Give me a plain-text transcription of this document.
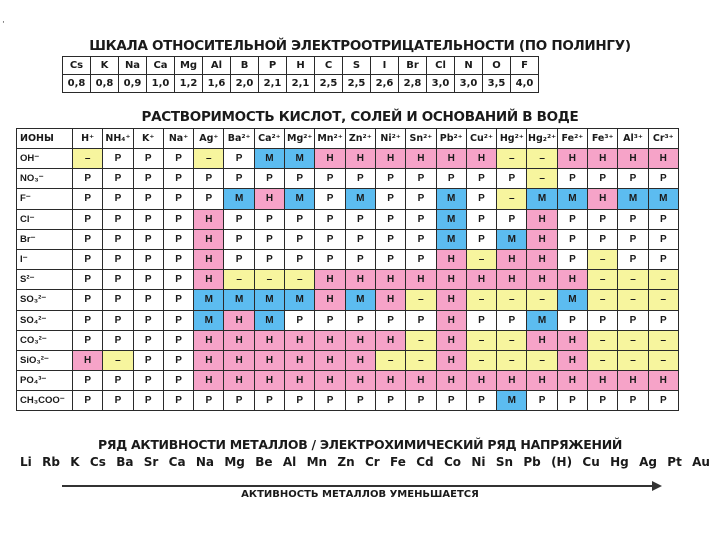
·
ШКАЛА ОТНОСИТЕЛЬНОЙ ЭЛЕКТРООТРИЦАТЕЛЬНОСТИ (ПО ПОЛИНГУ)
Cs	K	Na	Ca	Mg	Al	B	P	H	C	S	I	Br	Cl	N	O	F
0,8	0,8	0,9	1,0	1,2	1,6	2,0	2,1	2,1	2,5	2,5	2,6	2,8	3,0	3,0	3,5	4,0
РАСТВОРИМОСТЬ КИСЛОТ, СОЛЕЙ И ОСНОВАНИЙ В ВОДЕ
ИОНЫ	H⁺	NH₄⁺	K⁺	Na⁺	Ag⁺	Ba²⁺	Ca²⁺	Mg²⁺	Mn²⁺	Zn²⁺	Ni²⁺	Sn²⁺	Pb²⁺	Cu²⁺	Hg²⁺	Hg₂²⁺	Fe²⁺	Fe³⁺	Al³⁺	Cr³⁺
OH⁻	–	P	P	P	–	P	M	M	H	H	H	H	H	H	–	–	H	H	H	H
NO₃⁻	P	P	P	P	P	P	P	P	P	P	P	P	P	P	P	–	P	P	P	P
F⁻	P	P	P	P	P	M	H	M	P	M	P	P	M	P	–	M	M	H	M	M
Cl⁻	P	P	P	P	H	P	P	P	P	P	P	P	M	P	P	H	P	P	P	P
Br⁻	P	P	P	P	H	P	P	P	P	P	P	P	M	P	M	H	P	P	P	P
I⁻	P	P	P	P	H	P	P	P	P	P	P	P	H	–	H	H	P	–	P	P
S²⁻	P	P	P	P	H	–	–	–	H	H	H	H	H	H	H	H	H	–	–	–
SO₃²⁻	P	P	P	P	M	M	M	M	H	M	H	–	H	–	–	–	M	–	–	–
SO₄²⁻	P	P	P	P	M	H	M	P	P	P	P	P	H	P	P	M	P	P	P	P
CO₃²⁻	P	P	P	P	H	H	H	H	H	H	H	–	H	–	–	H	H	–	–	–
SiO₃²⁻	H	–	P	P	H	H	H	H	H	H	–	–	H	–	–	–	H	–	–	–
PO₄³⁻	P	P	P	P	H	H	H	H	H	H	H	H	H	H	H	H	H	H	H	H
CH₃COO⁻	P	P	P	P	P	P	P	P	P	P	P	P	P	P	M	P	P	P	P	P
РЯД АКТИВНОСТИ МЕТАЛЛОВ / ЭЛЕКТРОХИМИЧЕСКИЙ РЯД НАПРЯЖЕНИЙ
Li Rb K Cs Ba Sr Ca Na Mg Be Al Mn Zn Cr Fe Cd Co Ni Sn Pb (H) Cu Hg Ag Pt Au
АКТИВНОСТЬ МЕТАЛЛОВ УМЕНЬШАЕТСЯ
